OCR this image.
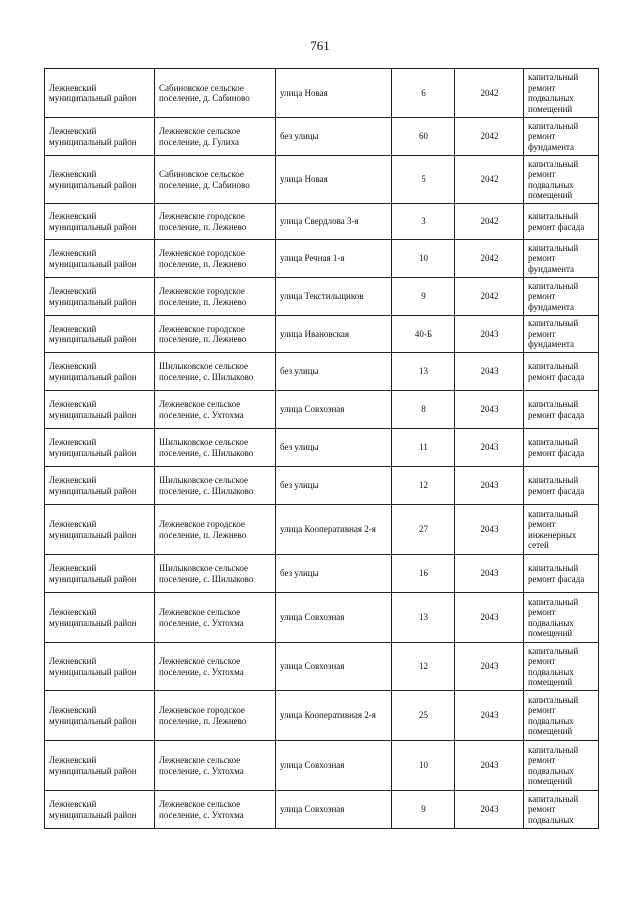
761
Лежневский муниципальный район	Сабиновское сельское поселение, д. Сабиново	улица Новая	6	2042	капитальный ремонт подвальных помещений
Лежневский муниципальный район	Лежневское сельское поселение, д. Гулиха	без улицы	60	2042	капитальный ремонт фундамента
Лежневский муниципальный район	Сабиновское сельское поселение, д. Сабиново	улица Новая	5	2042	капитальный ремонт подвальных помещений
Лежневский муниципальный район	Лежневское городское поселение, п. Лежнево	улица Свердлова 3-я	3	2042	капитальный ремонт фасада
Лежневский муниципальный район	Лежневское городское поселение, п. Лежнево	улица Речная 1-я	10	2042	капитальный ремонт фундамента
Лежневский муниципальный район	Лежневское городское поселение, п. Лежнево	улица Текстильщиков	9	2042	капитальный ремонт фундамента
Лежневский муниципальный район	Лежневское городское поселение, п. Лежнево	улица Ивановская	40-Б	2043	капитальный ремонт фундамента
Лежневский муниципальный район	Шилыковское сельское поселение, с. Шилыково	без улицы	13	2043	капитальный ремонт фасада
Лежневский муниципальный район	Лежневское сельское поселение, с. Ухтохма	улица Совхозная	8	2043	капитальный ремонт фасада
Лежневский муниципальный район	Шилыковское сельское поселение, с. Шилыково	без улицы	11	2043	капитальный ремонт фасада
Лежневский муниципальный район	Шилыковское сельское поселение, с. Шилыково	без улицы	12	2043	капитальный ремонт фасада
Лежневский муниципальный район	Лежневское городское поселение, п. Лежнево	улица Кооперативная 2-я	27	2043	капитальный ремонт инженерных сетей
Лежневский муниципальный район	Шилыковское сельское поселение, с. Шилыково	без улицы	16	2043	капитальный ремонт фасада
Лежневский муниципальный район	Лежневское сельское поселение, с. Ухтохма	улица Совхозная	13	2043	капитальный ремонт подвальных помещений
Лежневский муниципальный район	Лежневское сельское поселение, с. Ухтохма	улица Совхозная	12	2043	капитальный ремонт подвальных помещений
Лежневский муниципальный район	Лежневское городское поселение, п. Лежнево	улица Кооперативная 2-я	25	2043	капитальный ремонт подвальных помещений
Лежневский муниципальный район	Лежневское сельское поселение, с. Ухтохма	улица Совхозная	10	2043	капитальный ремонт подвальных помещений
Лежневский муниципальный район	Лежневское сельское поселение, с. Ухтохма	улица Совхозная	9	2043	капитальный ремонт подвальных
